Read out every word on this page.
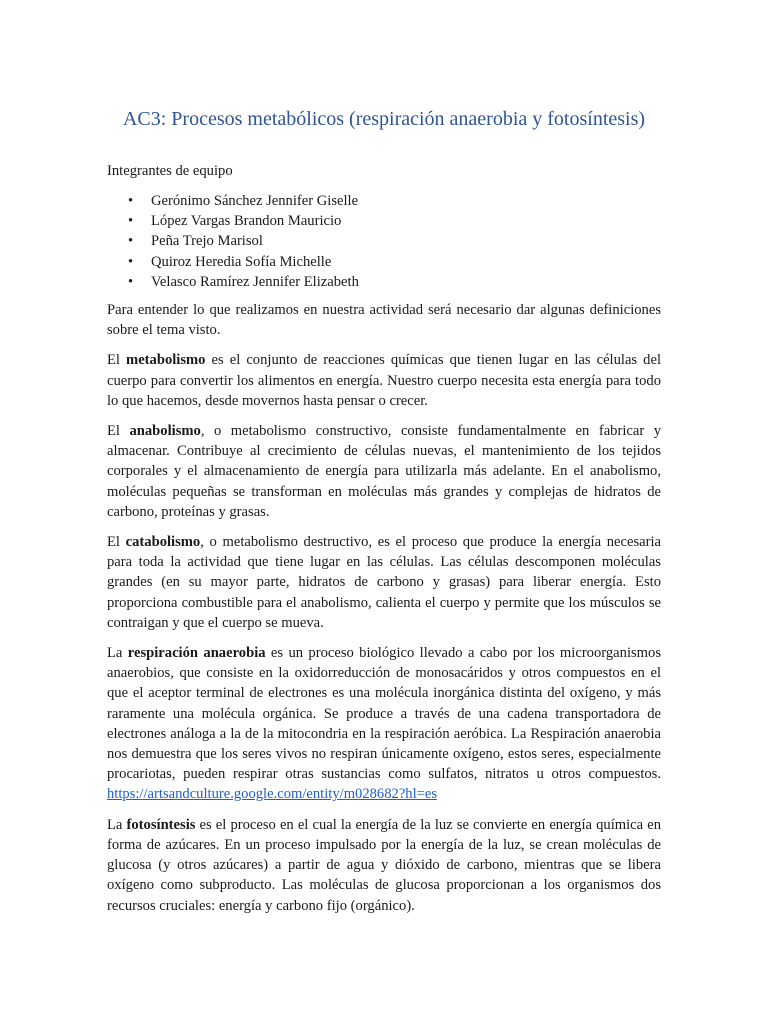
AC3: Procesos metabólicos (respiración anaerobia y fotosíntesis)

Integrantes de equipo

• Gerónimo Sánchez Jennifer Giselle
• López Vargas Brandon Mauricio
• Peña Trejo Marisol
• Quiroz Heredia Sofía Michelle
• Velasco Ramírez Jennifer Elizabeth

Para entender lo que realizamos en nuestra actividad será necesario dar algunas definiciones sobre el tema visto.

El metabolismo es el conjunto de reacciones químicas que tienen lugar en las células del cuerpo para convertir los alimentos en energía. Nuestro cuerpo necesita esta energía para todo lo que hacemos, desde movernos hasta pensar o crecer.

El anabolismo, o metabolismo constructivo, consiste fundamentalmente en fabricar y almacenar. Contribuye al crecimiento de células nuevas, el mantenimiento de los tejidos corporales y el almacenamiento de energía para utilizarla más adelante. En el anabolismo, moléculas pequeñas se transforman en moléculas más grandes y complejas de hidratos de carbono, proteínas y grasas.

El catabolismo, o metabolismo destructivo, es el proceso que produce la energía necesaria para toda la actividad que tiene lugar en las células. Las células descomponen moléculas grandes (en su mayor parte, hidratos de carbono y grasas) para liberar energía. Esto proporciona combustible para el anabolismo, calienta el cuerpo y permite que los músculos se contraigan y que el cuerpo se mueva.

La respiración anaerobia es un proceso biológico llevado a cabo por los microorganismos anaerobios, que consiste en la oxidorreducción de monosacáridos y otros compuestos en el que el aceptor terminal de electrones es una molécula inorgánica distinta del oxígeno, y más raramente una molécula orgánica. Se produce a través de una cadena transportadora de electrones análoga a la de la mitocondria en la respiración aeróbica. La Respiración anaerobia nos demuestra que los seres vivos no respiran únicamente oxígeno, estos seres, especialmente procariotas, pueden respirar otras sustancias como sulfatos, nitratos u otros compuestos. https://artsandculture.google.com/entity/m028682?hl=es

La fotosíntesis es el proceso en el cual la energía de la luz se convierte en energía química en forma de azúcares. En un proceso impulsado por la energía de la luz, se crean moléculas de glucosa (y otros azúcares) a partir de agua y dióxido de carbono, mientras que se libera oxígeno como subproducto. Las moléculas de glucosa proporcionan a los organismos dos recursos cruciales: energía y carbono fijo (orgánico).
